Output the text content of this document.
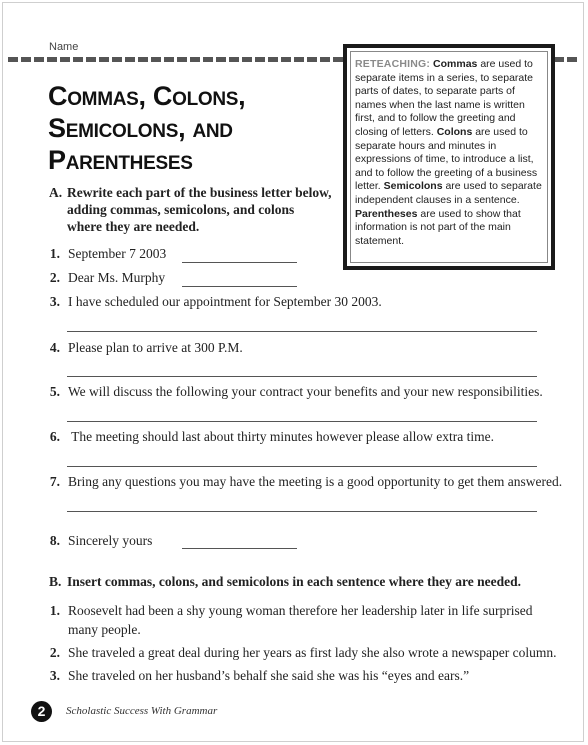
Name
RETEACHING: Commas are used to separate items in a series, to separate parts of dates, to separate parts of names when the last name is written first, and to follow the greeting and closing of letters. Colons are used to separate hours and minutes in expressions of time, to introduce a list, and to follow the greeting of a business letter. Semicolons are used to separate independent clauses in a sentence. Parentheses are used to show that information is not part of the main statement.
Commas, Colons,
Semicolons, and
Parentheses
A. Rewrite each part of the business letter below,
adding commas, semicolons, and colons
where they are needed.
1. September 7 2003
2. Dear Ms. Murphy
3. I have scheduled our appointment for September 30 2003.
4. Please plan to arrive at 300 P.M.
5. We will discuss the following your contract your benefits and your new responsibilities.
6. The meeting should last about thirty minutes however please allow extra time.
7. Bring any questions you may have the meeting is a good opportunity to get them answered.
8. Sincerely yours
B. Insert commas, colons, and semicolons in each sentence where they are needed.
1. Roosevelt had been a shy young woman therefore her leadership later in life surprised
many people.
2. She traveled a great deal during her years as first lady she also wrote a newspaper column.
3. She traveled on her husband’s behalf she said she was his “eyes and ears.”
2	Scholastic Success With Grammar
